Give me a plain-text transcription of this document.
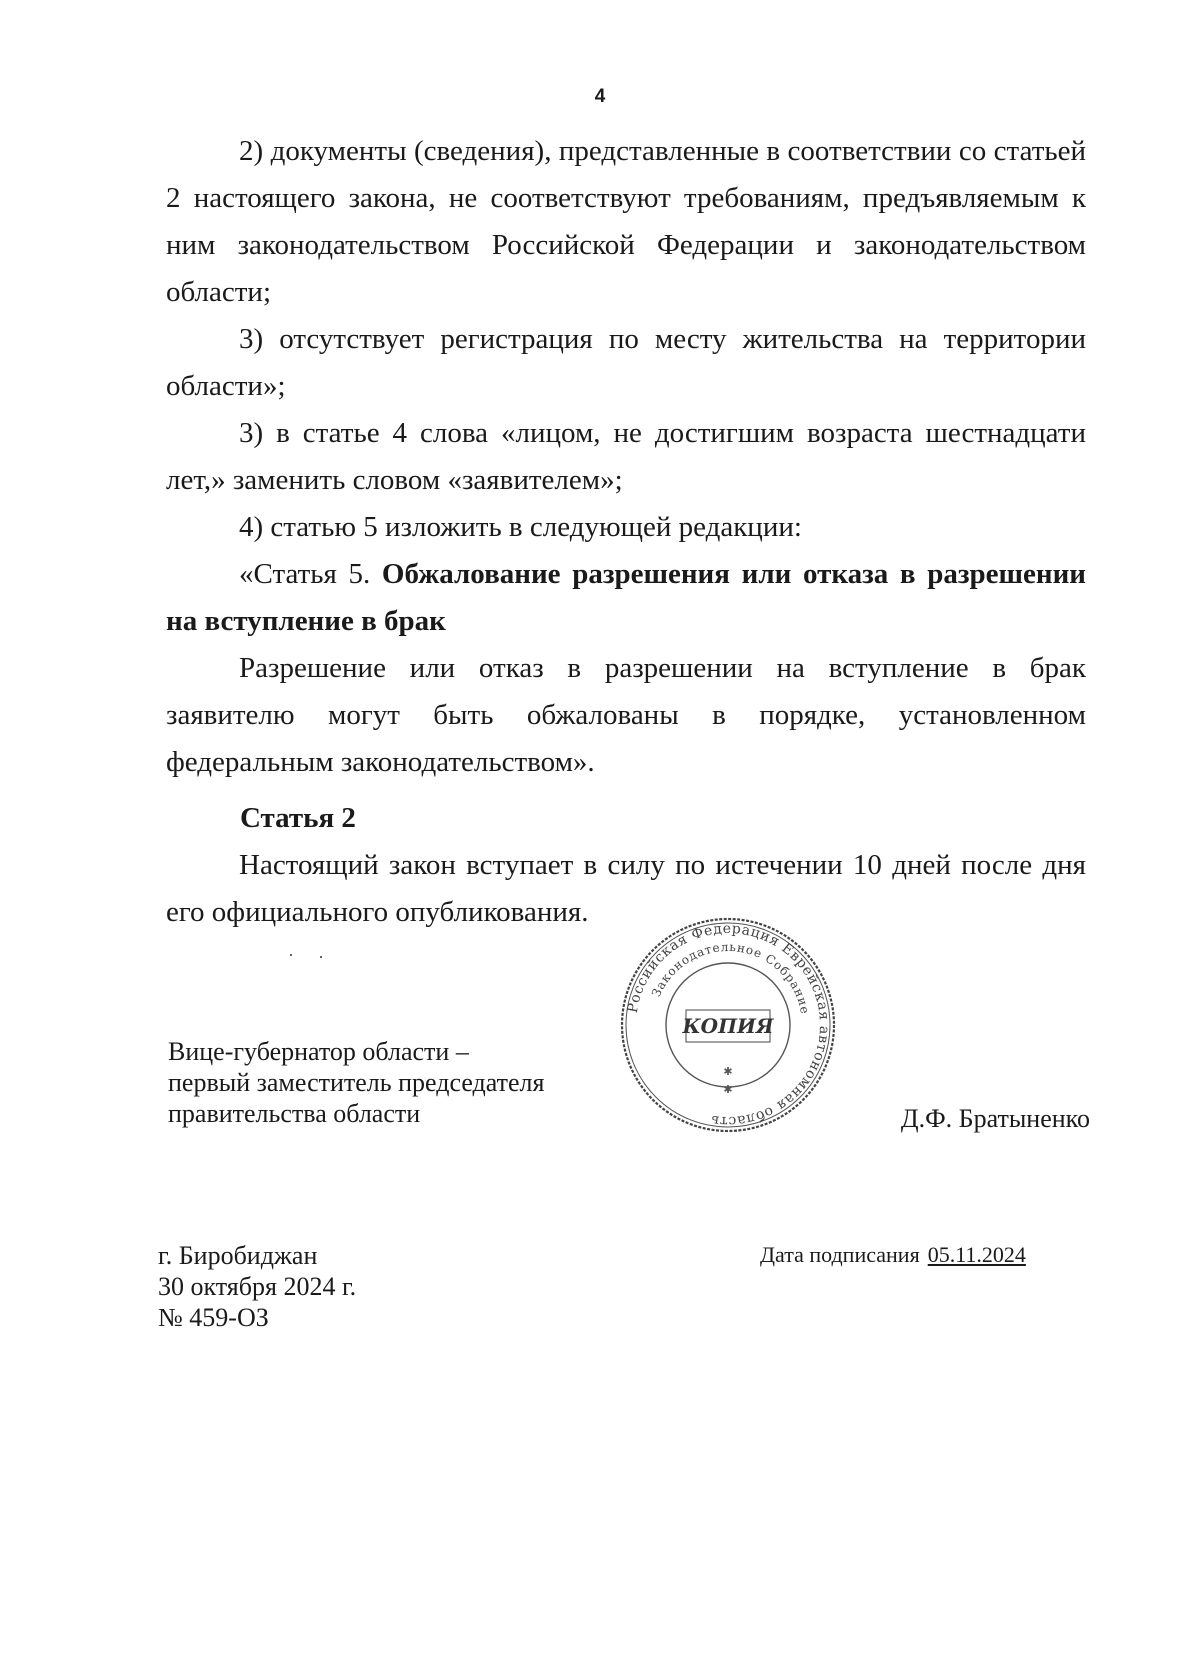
4

2) документы (сведения), представленные в соответствии со статьей 2 настоящего закона, не соответствуют требованиям, предъявляемым к ним законодательством Российской Федерации и законодательством области;

3) отсутствует регистрация по месту жительства на территории области»;

3) в статье 4 слова «лицом, не достигшим возраста шестнадцати лет,» заменить словом «заявителем»;

4) статью 5 изложить в следующей редакции:

«Статья 5. Обжалование разрешения или отказа в разрешении на вступление в брак

Разрешение или отказ в разрешении на вступление в брак заявителю могут быть обжалованы в порядке, установленном федеральным законодательством».

Статья 2

Настоящий закон вступает в силу по истечении 10 дней после дня его официального опубликования.

Российская Федерация Еврейская автономная область
Законодательное Собрание
КОПИЯ
✱
✱
Вице-губернатор области –
первый заместитель председателя
правительства области	Д.Ф. Братыненко
г. Биробиджан
30 октября 2024 г.
№ 459-ОЗ
Дата подписания 05.11.2024
